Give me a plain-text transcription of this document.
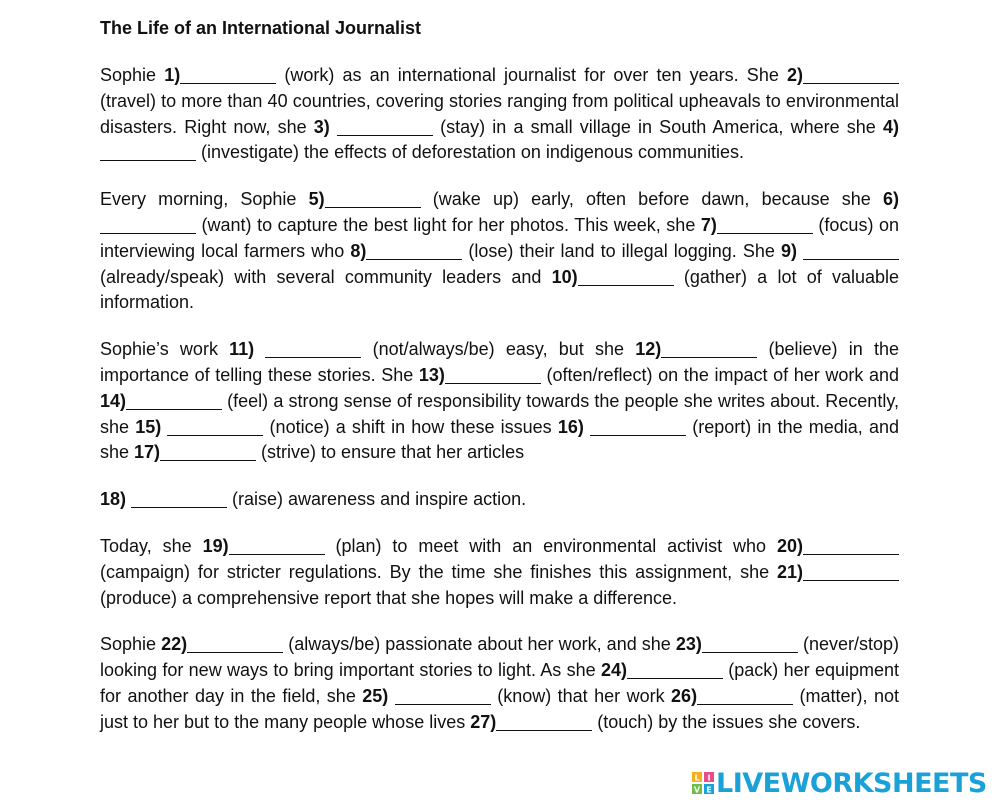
The Life of an International Journalist
Sophie 1)	(work) as an international journalist for over ten years. She 2) (travel) to more than 40 countries, covering stories ranging from political upheavals to environmental disasters. Right now, she 3)	(stay) in a small village in South America, where she 4) (investigate) the effects of deforestation on indigenous communities.
Every morning, Sophie 5)	(wake up) early, often before dawn, because she 6) (want) to capture the best light for her photos. This week, she 7)	(focus) on interviewing local farmers who 8)	(lose) their land to illegal logging. She 9)  (already/speak) with several community leaders and 10)	(gather) a lot of valuable information.
Sophie’s work 11)	(not/always/be) easy, but she 12)	(believe) in the importance of telling these stories. She 13)	(often/reflect) on the impact of her work and 14)	(feel) a strong sense of responsibility towards the people she writes about. Recently, she 15)	(notice) a shift in how these issues 16)	(report) in the media, and she 17)	(strive) to ensure that her articles
18)	(raise) awareness and inspire action.
Today, she 19)	(plan) to meet with an environmental activist who 20) (campaign) for stricter regulations. By the time she finishes this assignment, she 21) (produce) a comprehensive report that she hopes will make a difference.
Sophie 22)	(always/be) passionate about her work, and she 23)	(never/stop) looking for new ways to bring important stories to light. As she 24)	(pack) her equipment for another day in the field, she 25)	(know) that her work 26)	(matter), not just to her but to the many people whose lives 27)	(touch) by the issues she covers.
L I
V E LIVEWORKSHEETS
